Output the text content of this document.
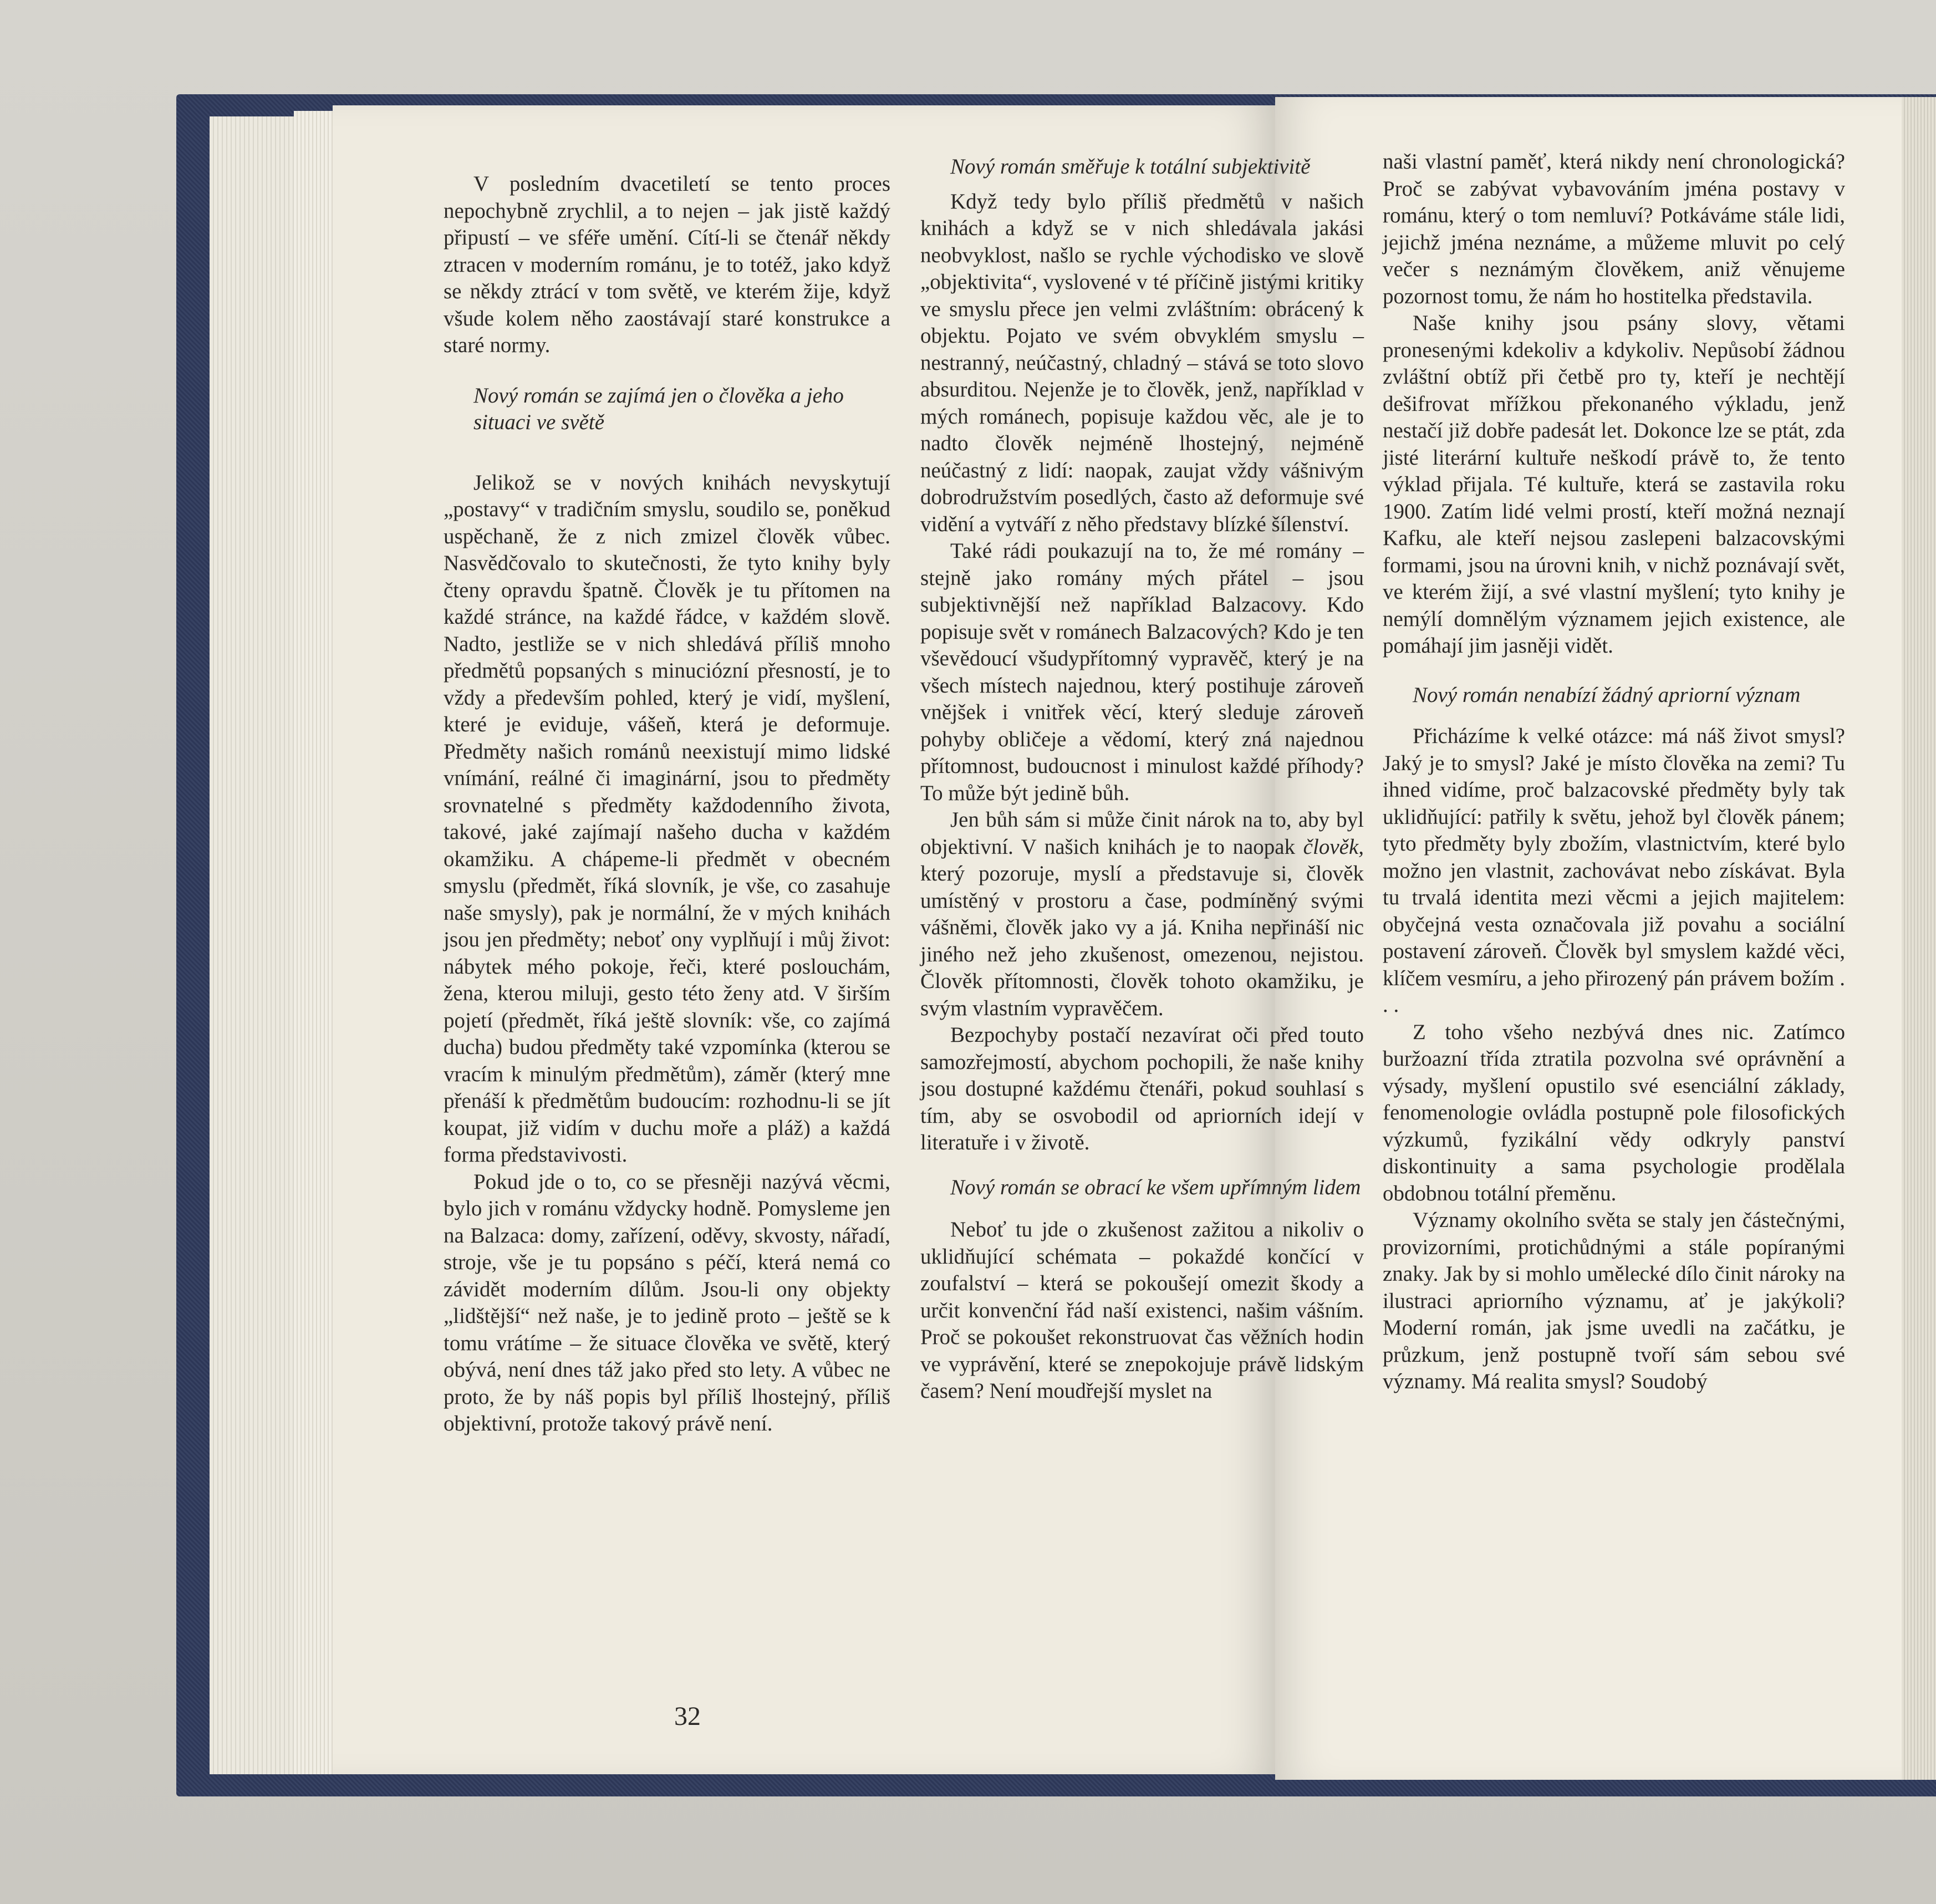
V posledním dvacetiletí se tento proces nepochybně zrychlil, a to nejen – jak jistě každý připustí – ve sféře umění. Cítí-li se čtenář někdy ztracen v moderním románu, je to totéž, jako když se někdy ztrácí v tom světě, ve kterém žije, když všude kolem něho zaostávají staré konstrukce a staré normy.

Nový román se zajímá jen o člověka a jeho situaci ve světě

Jelikož se v nových knihách nevyskytují „postavy“ v tradičním smyslu, soudilo se, poněkud uspěchaně, že z nich zmizel člověk vůbec. Nasvědčovalo to skutečnosti, že tyto knihy byly čteny opravdu špatně. Člověk je tu přítomen na každé stránce, na každé řádce, v každém slově. Nadto, jestliže se v nich shledává příliš mnoho předmětů popsaných s minuciózní přesností, je to vždy a především pohled, který je vidí, myšlení, které je eviduje, vášeň, která je deformuje. Předměty našich románů neexistují mimo lidské vnímání, reálné či imaginární, jsou to předměty srovnatelné s předměty každodenního života, takové, jaké zajímají našeho ducha v každém okamžiku. A chápeme-li předmět v obecném smyslu (předmět, říká slovník, je vše, co zasahuje naše smysly), pak je normální, že v mých knihách jsou jen předměty; neboť ony vyplňují i můj život: nábytek mého pokoje, řeči, které poslouchám, žena, kterou miluji, gesto této ženy atd. V širším pojetí (předmět, říká ještě slovník: vše, co zajímá ducha) budou předměty také vzpomínka (kterou se vracím k minulým předmětům), záměr (který mne přenáší k předmětům budoucím: rozhodnu-li se jít koupat, již vidím v duchu moře a pláž) a každá forma představivosti.

Pokud jde o to, co se přesněji nazývá věcmi, bylo jich v románu vždycky hodně. Pomysleme jen na Balzaca: domy, zařízení, oděvy, skvosty, nářadí, stroje, vše je tu popsáno s péčí, která nemá co závidět moderním dílům. Jsou-li ony objekty „lidštější“ než naše, je to jedině proto – ještě se k tomu vrátíme – že situace člověka ve světě, který obývá, není dnes táž jako před sto lety. A vůbec ne proto, že by náš popis byl příliš lhostejný, příliš objektivní, protože takový právě není.

Nový román směřuje k totální subjektivitě

Když tedy bylo příliš předmětů v našich knihách a když se v nich shledávala jakási neobvyklost, našlo se rychle východisko ve slově „objektivita“, vyslovené v té příčině jistými kritiky ve smyslu přece jen velmi zvláštním: obrácený k objektu. Pojato ve svém obvyklém smyslu – nestranný, neúčastný, chladný – stává se toto slovo absurditou. Nejenže je to člověk, jenž, například v mých románech, popisuje každou věc, ale je to nadto člověk nejméně lhostejný, nejméně neúčastný z lidí: naopak, zaujat vždy vášnivým dobrodružstvím posedlých, často až deformuje své vidění a vytváří z něho představy blízké šílenství.

Také rádi poukazují na to, že mé romány – stejně jako romány mých přátel – jsou subjektivnější než například Balzacovy. Kdo popisuje svět v románech Balzacových? Kdo je ten vševědoucí všudypřítomný vypravěč, který je na všech místech najednou, který postihuje zároveň vnějšek i vnitřek věcí, který sleduje zároveň pohyby obličeje a vědomí, který zná najednou přítomnost, budoucnost i minulost každé příhody? To může být jedině bůh.

Jen bůh sám si může činit nárok na to, aby byl objektivní. V našich knihách je to naopak člověk, který pozoruje, myslí a představuje si, člověk umístěný v prostoru a čase, podmíněný svými vášněmi, člověk jako vy a já. Kniha nepřináší nic jiného než jeho zkušenost, omezenou, nejistou. Člověk přítomnosti, člověk tohoto okamžiku, je svým vlastním vypravěčem.

Bezpochyby postačí nezavírat oči před touto samozřejmostí, abychom pochopili, že naše knihy jsou dostupné každému čtenáři, pokud souhlasí s tím, aby se osvobodil od apriorních idejí v literatuře i v životě.

Nový román se obrací ke všem upřímným lidem

Neboť tu jde o zkušenost zažitou a nikoliv o uklidňující schémata – pokaždé končící v zoufalství – která se pokoušejí omezit škody a určit konvenční řád naší existenci, našim vášním. Proč se pokoušet rekonstruovat čas věžních hodin ve vyprávění, které se znepokojuje právě lidským časem? Není moudřejší myslet na

naši vlastní paměť, která nikdy není chronologická? Proč se zabývat vybavováním jména postavy v románu, který o tom nemluví? Potkáváme stále lidi, jejichž jména neznáme, a můžeme mluvit po celý večer s neznámým člověkem, aniž věnujeme pozornost tomu, že nám ho hostitelka představila.

Naše knihy jsou psány slovy, větami pronesenými kdekoliv a kdykoliv. Nepůsobí žádnou zvláštní obtíž při četbě pro ty, kteří je nechtějí dešifrovat mřížkou překonaného výkladu, jenž nestačí již dobře padesát let. Dokonce lze se ptát, zda jisté literární kultuře neškodí právě to, že tento výklad přijala. Té kultuře, která se zastavila roku 1900. Zatím lidé velmi prostí, kteří možná neznají Kafku, ale kteří nejsou zaslepeni balzacovskými formami, jsou na úrovni knih, v nichž poznávají svět, ve kterém žijí, a své vlastní myšlení; tyto knihy je nemýlí domnělým významem jejich existence, ale pomáhají jim jasněji vidět.

Nový román nenabízí žádný apriorní význam

Přicházíme k velké otázce: má náš život smysl? Jaký je to smysl? Jaké je místo člověka na zemi? Tu ihned vidíme, proč balzacovské předměty byly tak uklidňující: patřily k světu, jehož byl člověk pánem; tyto předměty byly zbožím, vlastnictvím, které bylo možno jen vlastnit, zachovávat nebo získávat. Byla tu trvalá identita mezi věcmi a jejich majitelem: obyčejná vesta označovala již povahu a sociální postavení zároveň. Člověk byl smyslem každé věci, klíčem vesmíru, a jeho přirozený pán právem božím . . .

Z toho všeho nezbývá dnes nic. Zatímco buržoazní třída ztratila pozvolna své oprávnění a výsady, myšlení opustilo své esenciální základy, fenomenologie ovládla postupně pole filosofických výzkumů, fyzikální vědy odkryly panství diskontinuity a sama psychologie prodělala obdobnou totální přeměnu.

Významy okolního světa se staly jen částečnými, provizorními, protichůdnými a stále popíranými znaky. Jak by si mohlo umělecké dílo činit nároky na ilustraci apriorního významu, ať je jakýkoli? Moderní román, jak jsme uvedli na začátku, je průzkum, jenž postupně tvoří sám sebou své významy. Má realita smysl? Soudobý

32
